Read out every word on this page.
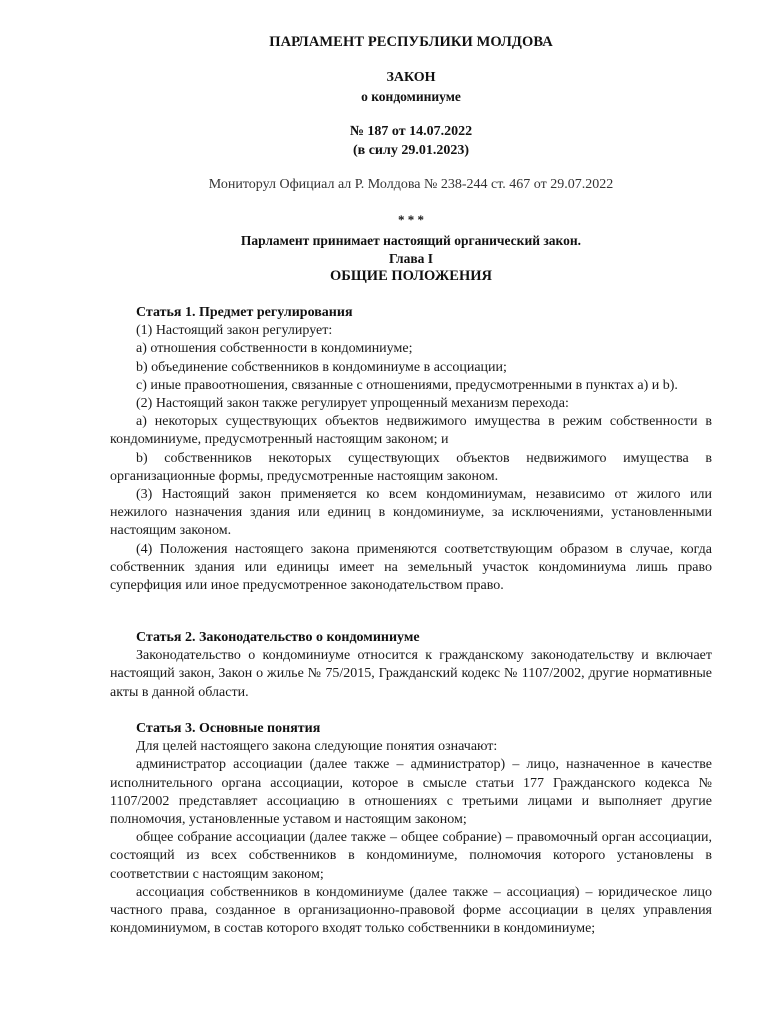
ПАРЛАМЕНТ РЕСПУБЛИКИ МОЛДОВА
ЗАКОН
о кондоминиуме
№ 187 от 14.07.2022
(в силу 29.01.2023)
Мониторул Официал ал Р. Молдова № 238-244 ст. 467 от 29.07.2022
* * *
Парламент принимает настоящий органический закон.
Глава I
ОБЩИЕ ПОЛОЖЕНИЯ

Статья 1. Предмет регулирования

(1) Настоящий закон регулирует:

a) отношения собственности в кондоминиуме;

b) объединение собственников в кондоминиуме в ассоциации;

c) иные правоотношения, связанные с отношениями, предусмотренными в пунктах a) и b).

(2) Настоящий закон также регулирует упрощенный механизм перехода:

a) некоторых существующих объектов недвижимого имущества в режим собственности в кондоминиуме, предусмотренный настоящим законом; и

b) собственников некоторых существующих объектов недвижимого имущества в организационные формы, предусмотренные настоящим законом.

(3) Настоящий закон применяется ко всем кондоминиумам, независимо от жилого или нежилого назначения здания или единиц в кондоминиуме, за исключениями, установленными настоящим законом.

(4) Положения настоящего закона применяются соответствующим образом в случае, когда собственник здания или единицы имеет на земельный участок кондоминиума лишь право суперфиция или иное предусмотренное законодательством право.

Статья 2. Законодательство о кондоминиуме

Законодательство о кондоминиуме относится к гражданскому законодательству и включает настоящий закон, Закон о жилье № 75/2015, Гражданский кодекс № 1107/2002, другие нормативные акты в данной области.

Статья 3. Основные понятия

Для целей настоящего закона следующие понятия означают:

администратор ассоциации (далее также – администратор) – лицо, назначенное в качестве исполнительного органа ассоциации, которое в смысле статьи 177 Гражданского кодекса № 1107/2002 представляет ассоциацию в отношениях с третьими лицами и выполняет другие полномочия, установленные уставом и настоящим законом;

общее собрание ассоциации (далее также – общее собрание) – правомочный орган ассоциации, состоящий из всех собственников в кондоминиуме, полномочия которого установлены в соответствии с настоящим законом;

ассоциация собственников в кондоминиуме (далее также – ассоциация) – юридическое лицо частного права, созданное в организационно-правовой форме ассоциации в целях управления кондоминиумом, в состав которого входят только собственники в кондоминиуме;
